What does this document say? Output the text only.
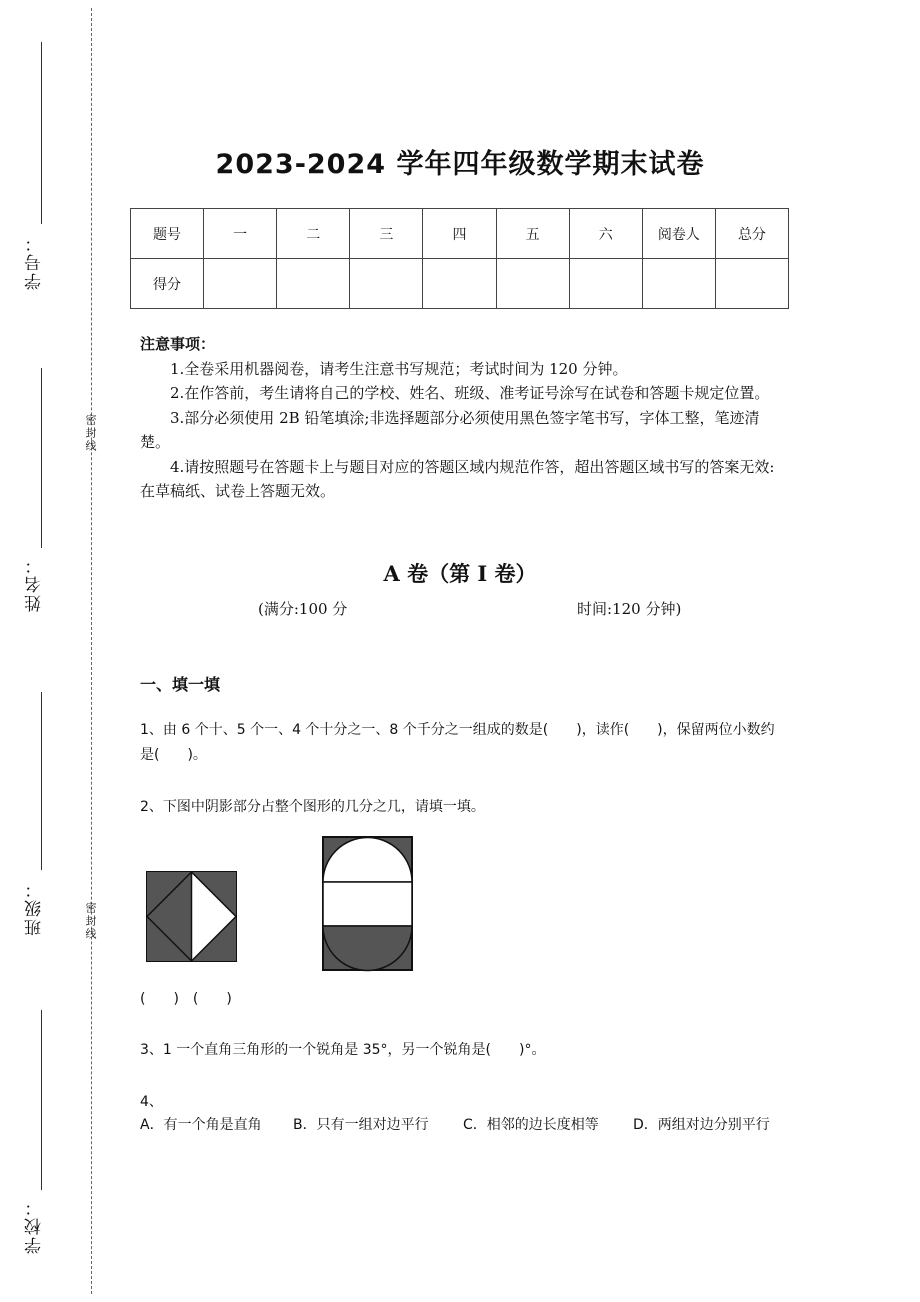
学号：
姓名：
班级：
学校：
密封线
密封线
2023-2024 学年四年级数学期末试卷
题号	一	二	三	四	五	六	阅卷人	总分
得分								
注意事项：

1.全卷采用机器阅卷，请考生注意书写规范；考试时间为 120 分钟。

2.在作答前，考生请将自己的学校、姓名、班级、准考证号涂写在试卷和答题卡规定位置。

3.部分必须使用 2B 铅笔填涂;非选择题部分必须使用黑色签字笔书写，字体工整，笔迹清楚。

4.请按照题号在答题卡上与题目对应的答题区域内规范作答，超出答题区域书写的答案无效:在草稿纸、试卷上答题无效。

A 卷（第 I 卷）
(满分:100 分	时间:120 分钟)
一、填一填
1、由 6 个十、5 个一、4 个十分之一、8 个千分之一组成的数是(　　)，读作(　　)，保留两位小数约是(　　)。
2、下图中阴影部分占整个图形的几分之几，请填一填。
(　　)　(　　)
3、1 一个直角三角形的一个锐角是 35°，另一个锐角是(　　)°。
4、
A．有一个角是直角	B．只有一组对边平行	C．相邻的边长度相等	D．两组对边分别平行
